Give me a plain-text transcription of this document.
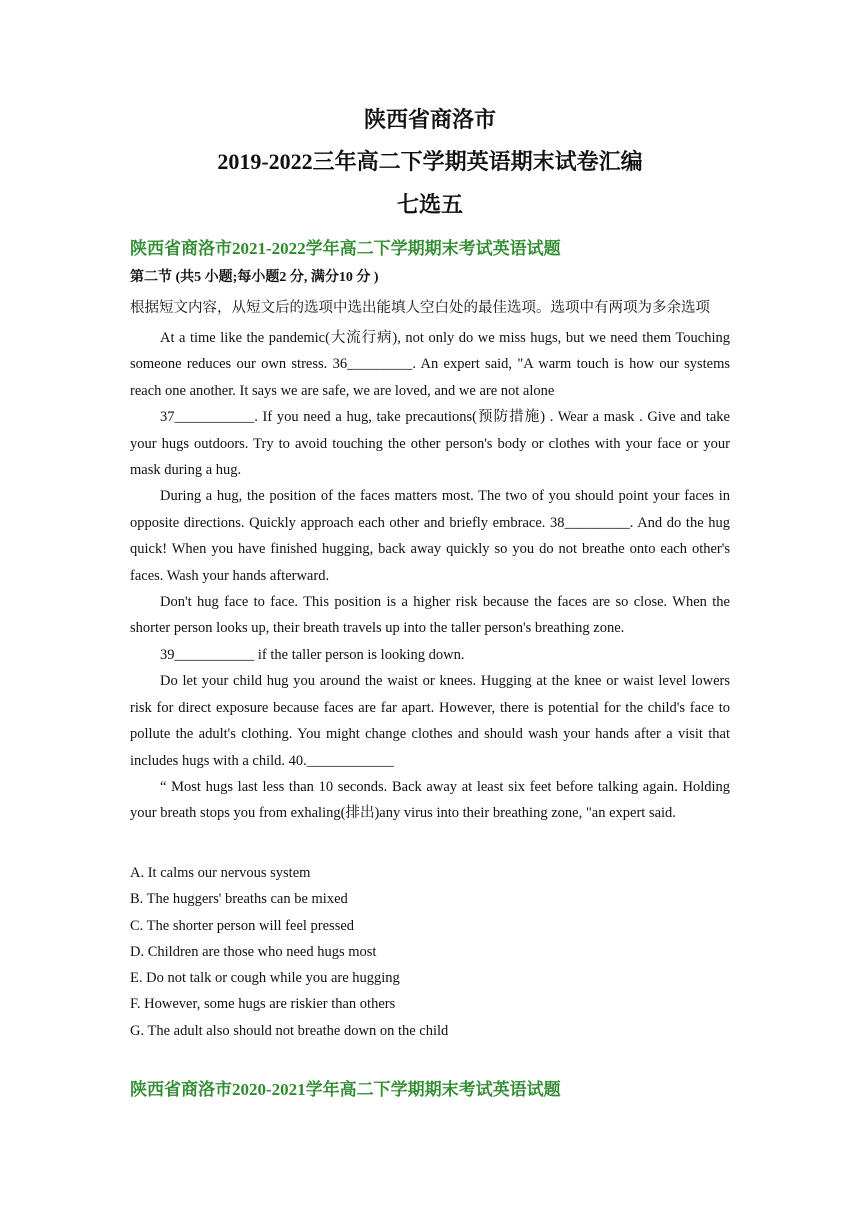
陕西省商洛市
2019-2022三年高二下学期英语期末试卷汇编
七选五
陕西省商洛市2021-2022学年高二下学期期末考试英语试题
第二节 (共5 小题;每小题2 分, 满分10 分 )
根据短文内容，从短文后的选项中选出能填人空白处的最佳选项。选项中有两项为多余选项

At a time like the pandemic(大流行病), not only do we miss hugs, but we need them Touching someone reduces our own stress. 36_________. An expert said, "A warm touch is how our systems reach one another. It says we are safe, we are loved, and we are not alone

37___________. If you need a hug, take precautions(预防措施) . Wear a mask . Give and take your hugs outdoors. Try to avoid touching the other person's body or clothes with your face or your mask during a hug.

During a hug, the position of the faces matters most. The two of you should point your faces in opposite directions. Quickly approach each other and briefly embrace. 38_________. And do the hug quick! When you have finished hugging, back away quickly so you do not breathe onto each other's faces. Wash your hands afterward.

Don't hug face to face. This position is a higher risk because the faces are so close. When the shorter person looks up, their breath travels up into the taller person's breathing zone.

39___________ if the taller person is looking down.

Do let your child hug you around the waist or knees. Hugging at the knee or waist level lowers risk for direct exposure because faces are far apart. However, there is potential for the child's face to pollute the adult's clothing. You might change clothes and should wash your hands after a visit that includes hugs with a child. 40.____________

“ Most hugs last less than 10 seconds. Back away at least six feet before talking again. Holding your breath stops you from exhaling(排出)any virus into their breathing zone, "an expert said.

A. It calms our nervous system
B. The huggers' breaths can be mixed
C. The shorter person will feel pressed
D. Children are those who need hugs most
E. Do not talk or cough while you are hugging
F. However, some hugs are riskier than others
G. The adult also should not breathe down on the child
陕西省商洛市2020-2021学年高二下学期期末考试英语试题
